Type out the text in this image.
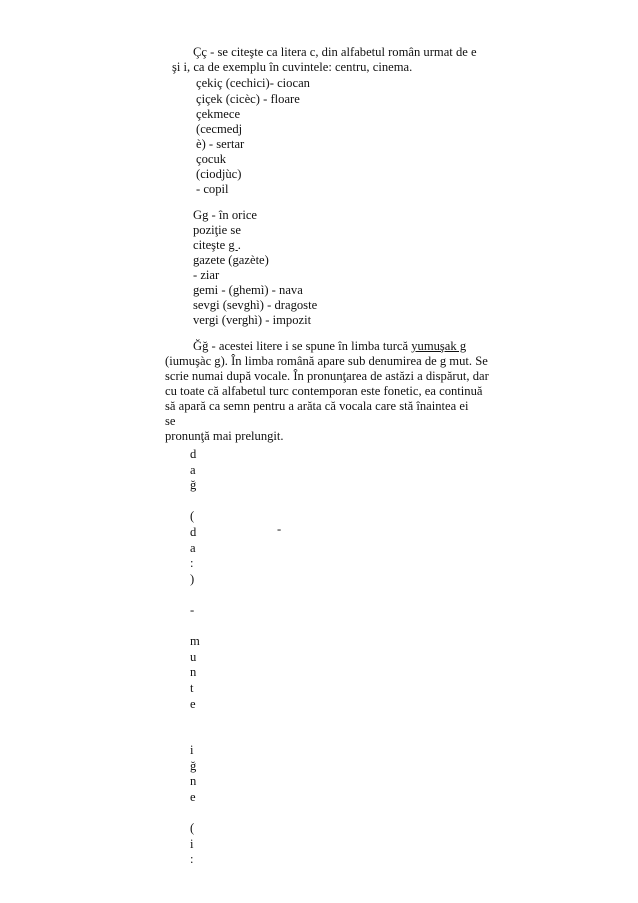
Çç - se citeşte ca litera c, din alfabetul român urmat de e

şi i, ca de exemplu în cuvintele: centru, cinema.

çekiç (cechici)- ciocan

çiçek (cicèc) - floare

çekmece

(cecmedj

è) - sertar

çocuk

(ciodjùc)

- copil

Gg - în orice

poziţie se

citeşte g .

gazete (gazète)

- ziar

gemi - (ghemì) - nava

sevgi (sevghì) - dragoste

vergi (verghì) - impozit

Ğğ - acestei litere i se spune în limba turcă yumuşak g

(iumuşàc g). În limba română apare sub denumirea de g mut. Se

scrie numai după vocale. În pronunţarea de astăzi a dispărut, dar

cu toate că alfabetul turc contemporan este fonetic, ea continuă

să apară ca semn pentru a arăta că vocala care stă înaintea ei

se

pronunţă mai prelungit.

d
a
ğ
(
d
a
:
)
-
m
u
n
t
e
i
ğ
n
e
(
i
:

-
